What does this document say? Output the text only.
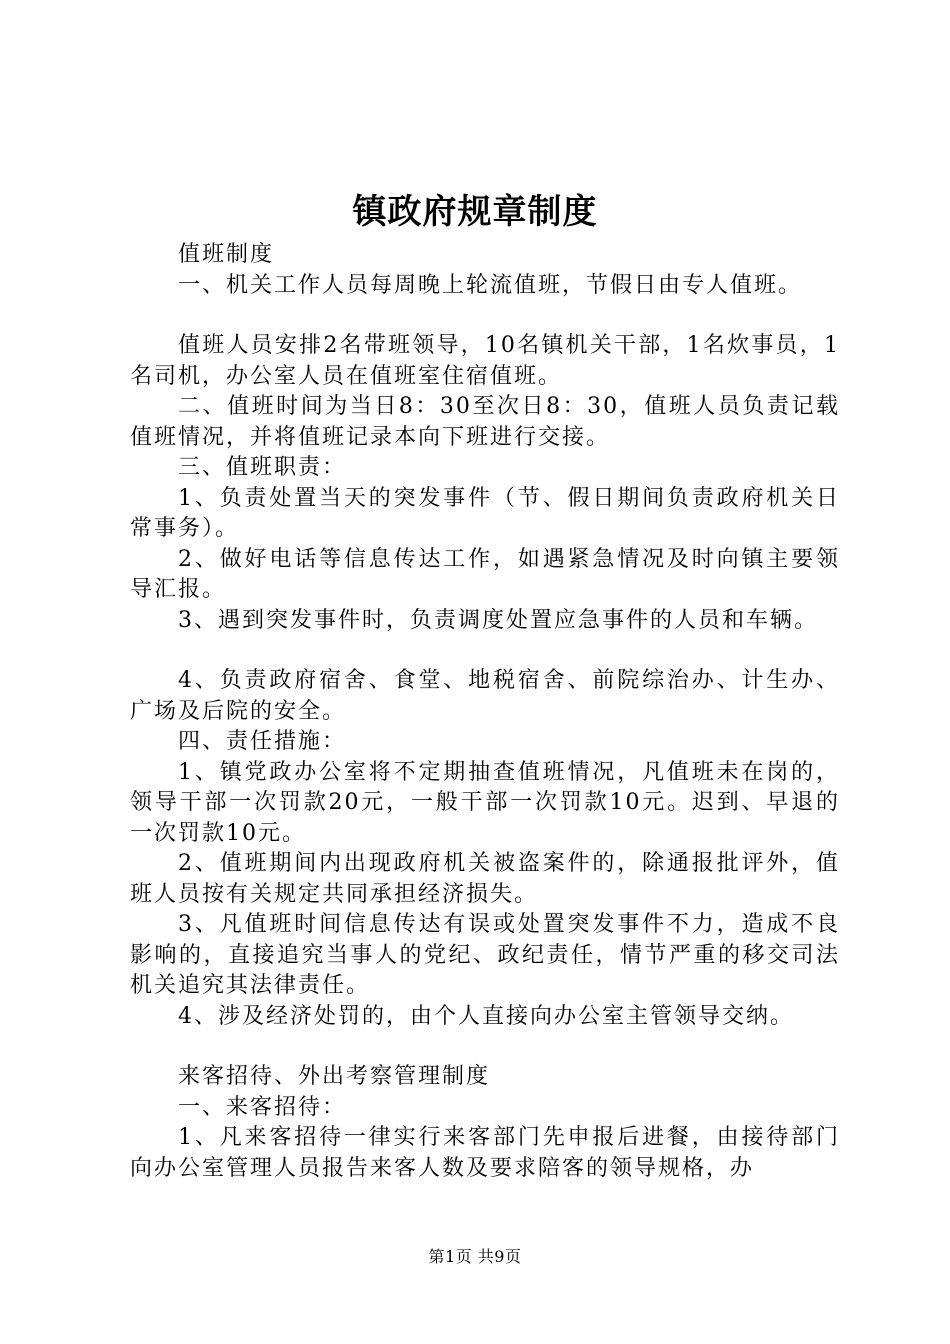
镇政府规章制度

值班制度

一、机关工作人员每周晚上轮流值班，节假日由专人值班。

值班人员安排2名带班领导，10名镇机关干部，1名炊事员，1名司机，办公室人员在值班室住宿值班。

二、值班时间为当日8：30至次日8：30，值班人员负责记载值班情况，并将值班记录本向下班进行交接。

三、值班职责：

1、负责处置当天的突发事件（节、假日期间负责政府机关日常事务）。

2、做好电话等信息传达工作，如遇紧急情况及时向镇主要领导汇报。

3、遇到突发事件时，负责调度处置应急事件的人员和车辆。

4、负责政府宿舍、食堂、地税宿舍、前院综治办、计生办、广场及后院的安全。

四、责任措施：

1、镇党政办公室将不定期抽查值班情况，凡值班未在岗的，领导干部一次罚款20元，一般干部一次罚款10元。迟到、早退的一次罚款10元。

2、值班期间内出现政府机关被盗案件的，除通报批评外，值班人员按有关规定共同承担经济损失。

3、凡值班时间信息传达有误或处置突发事件不力，造成不良影响的，直接追究当事人的党纪、政纪责任，情节严重的移交司法机关追究其法律责任。

4、涉及经济处罚的，由个人直接向办公室主管领导交纳。

来客招待、外出考察管理制度

一、来客招待：

1、凡来客招待一律实行来客部门先申报后进餐，由接待部门向办公室管理人员报告来客人数及要求陪客的领导规格，办

第1页 共9页
